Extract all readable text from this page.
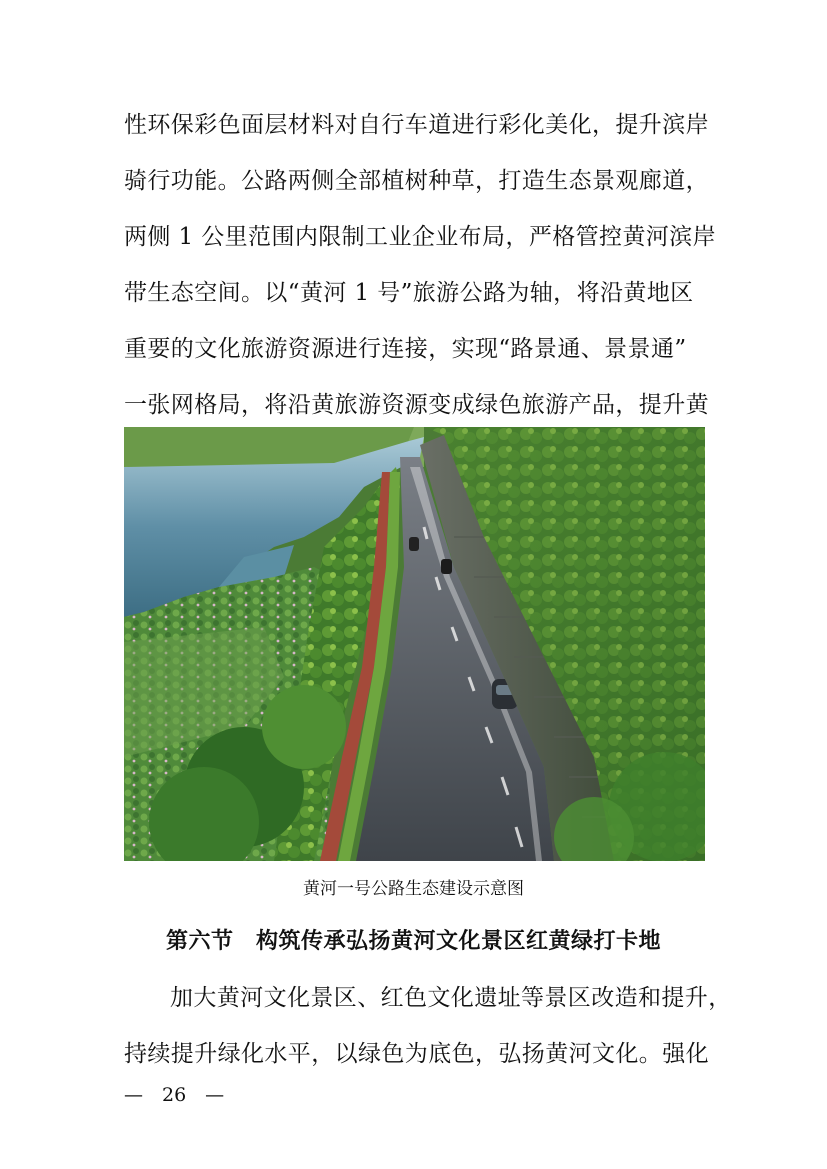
性环保彩色面层材料对自行车道进行彩化美化，提升滨岸
骑行功能。公路两侧全部植树种草，打造生态景观廊道，
两侧 1 公里范围内限制工业企业布局，严格管控黄河滨岸
带生态空间。以“黄河 1 号”旅游公路为轴，将沿黄地区
重要的文化旅游资源进行连接，实现“路景通、景景通”
一张网格局，将沿黄旅游资源变成绿色旅游产品，提升黄
黄河一号公路生态建设示意图
第六节　构筑传承弘扬黄河文化景区红黄绿打卡地
加大黄河文化景区、红色文化遗址等景区改造和提升，
持续提升绿化水平，以绿色为底色，弘扬黄河文化。强化
—　26　—
